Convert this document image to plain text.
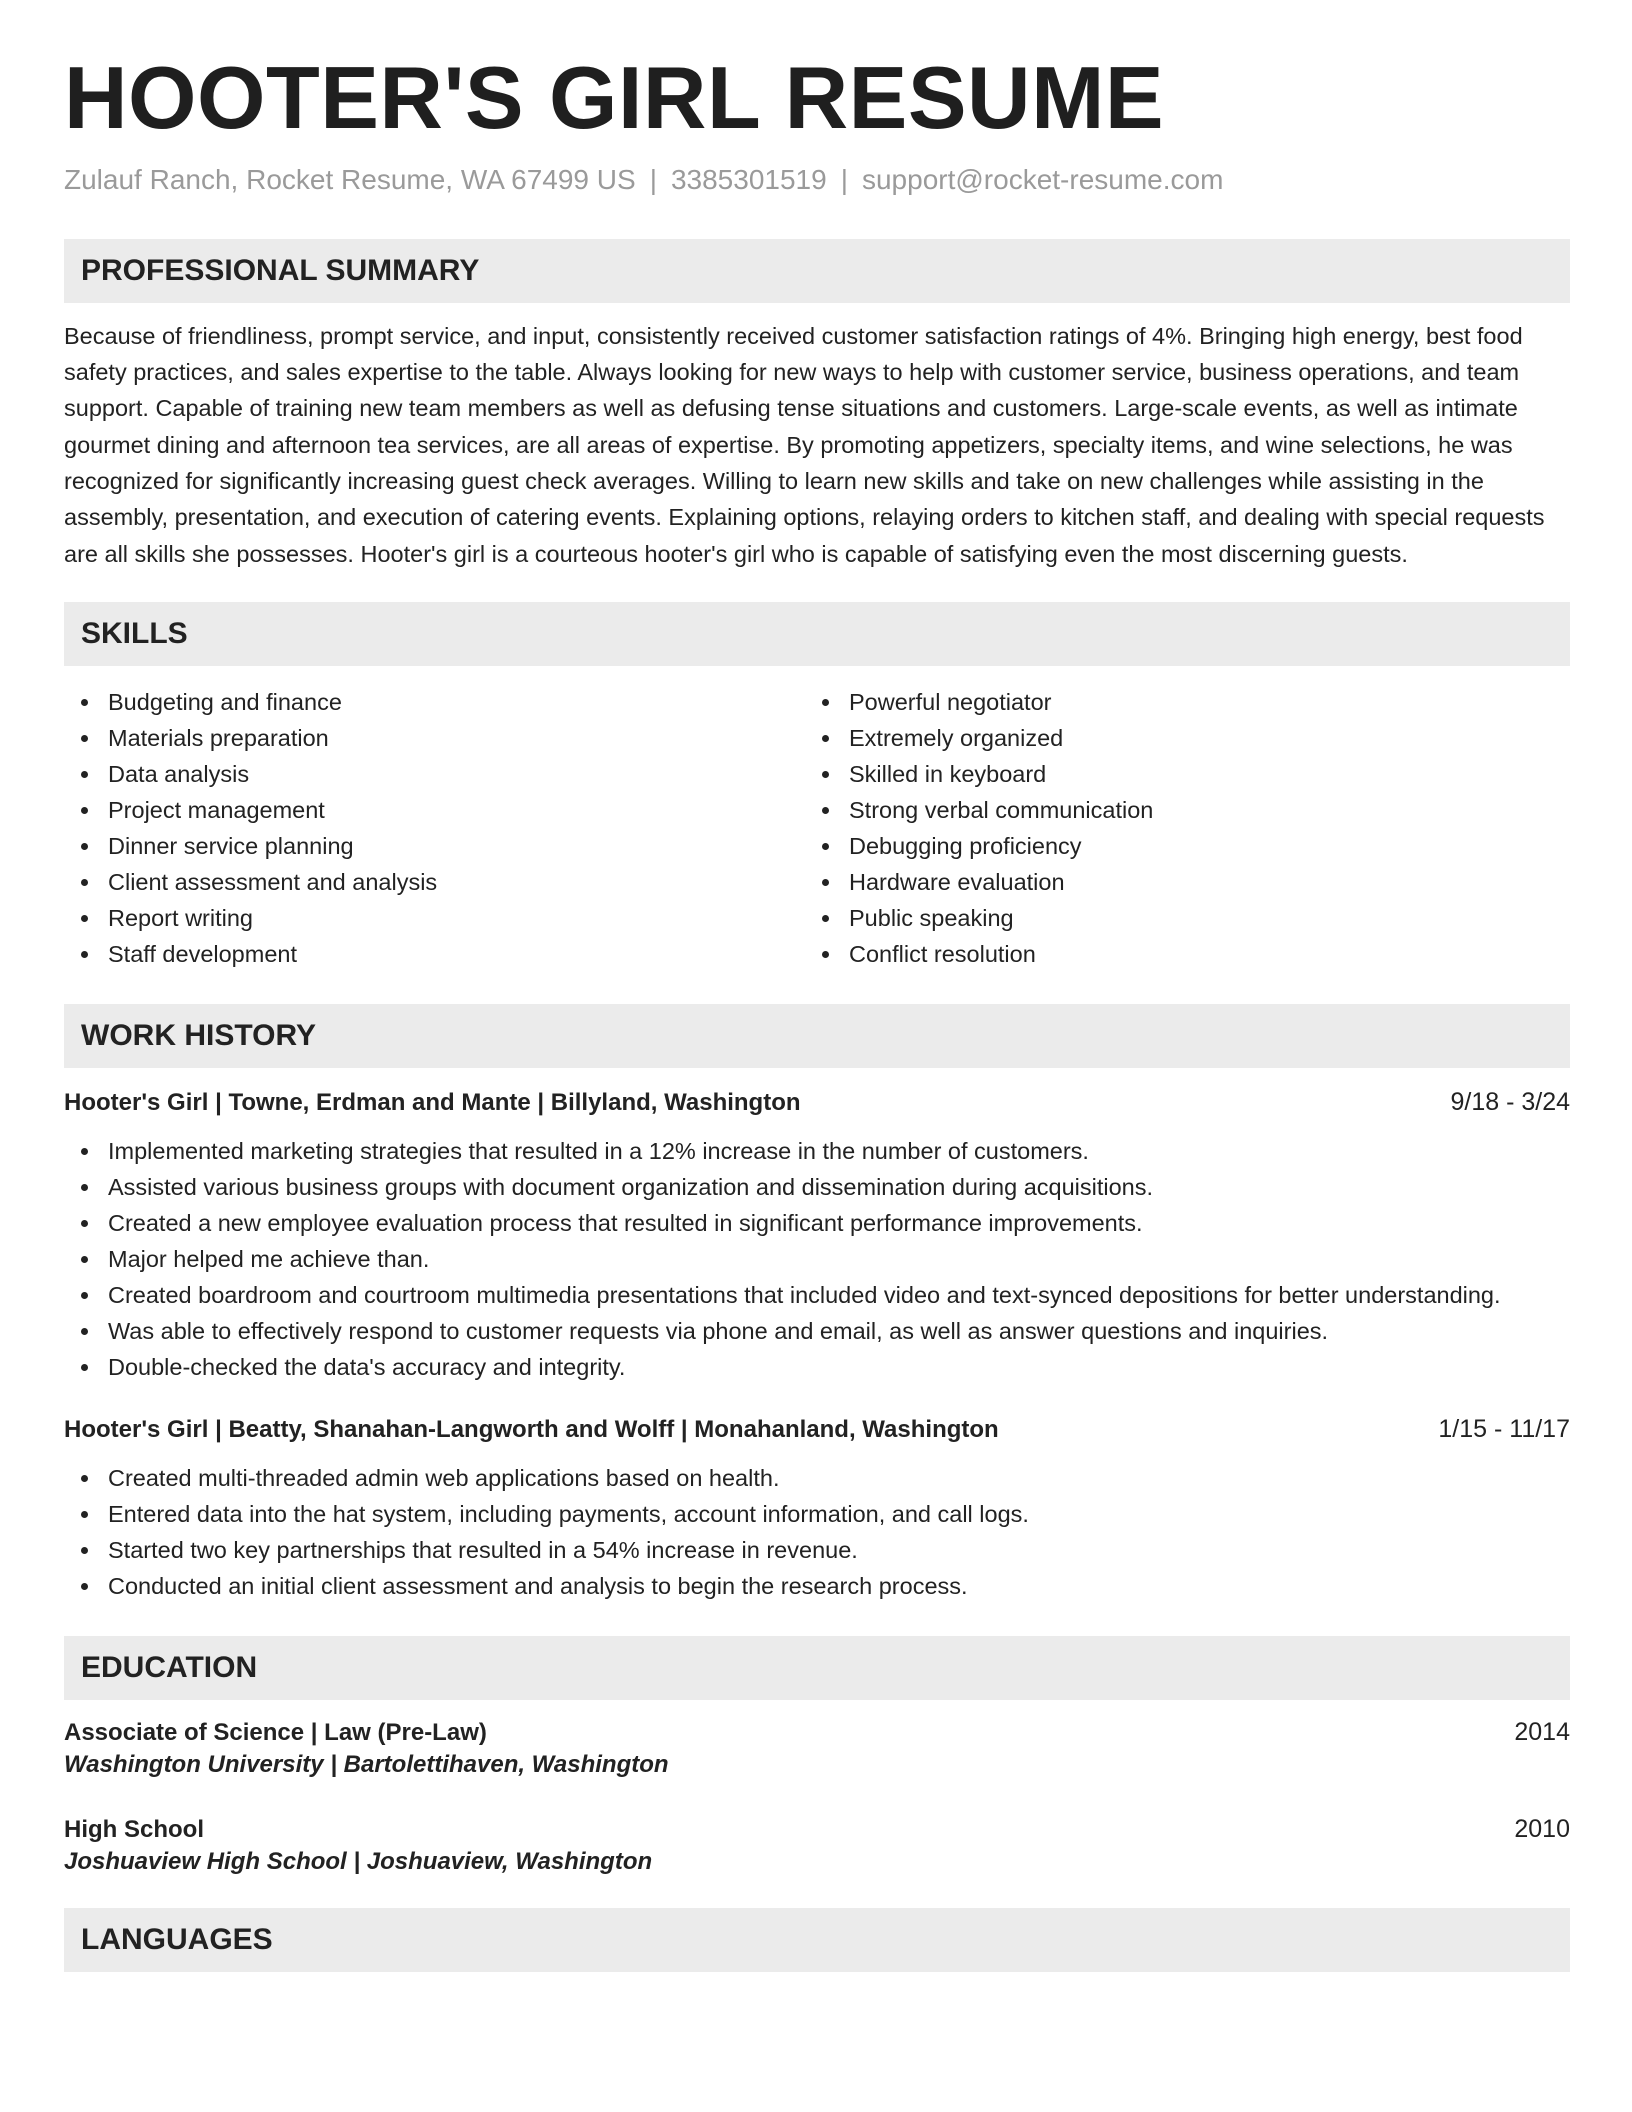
HOOTER'S GIRL RESUME
Zulauf Ranch, Rocket Resume, WA 67499 US | 3385301519 | support@rocket-resume.com
PROFESSIONAL SUMMARY

Because of friendliness, prompt service, and input, consistently received customer satisfaction ratings of 4%. Bringing high energy, best food safety practices, and sales expertise to the table. Always looking for new ways to help with customer service, business operations, and team support. Capable of training new team members as well as defusing tense situations and customers. Large-scale events, as well as intimate gourmet dining and afternoon tea services, are all areas of expertise. By promoting appetizers, specialty items, and wine selections, he was recognized for significantly increasing guest check averages. Willing to learn new skills and take on new challenges while assisting in the assembly, presentation, and execution of catering events. Explaining options, relaying orders to kitchen staff, and dealing with special requests are all skills she possesses. Hooter's girl is a courteous hooter's girl who is capable of satisfying even the most discerning guests.

SKILLS
Budgeting and finance
Materials preparation
Data analysis
Project management
Dinner service planning
Client assessment and analysis
Report writing
Staff development
Powerful negotiator
Extremely organized
Skilled in keyboard
Strong verbal communication
Debugging proficiency
Hardware evaluation
Public speaking
Conflict resolution
WORK HISTORY
Hooter's Girl | Towne, Erdman and Mante | Billyland, Washington	9/18 - 3/24
Implemented marketing strategies that resulted in a 12% increase in the number of customers.
Assisted various business groups with document organization and dissemination during acquisitions.
Created a new employee evaluation process that resulted in significant performance improvements.
Major helped me achieve than.
Created boardroom and courtroom multimedia presentations that included video and text-synced depositions for better understanding.
Was able to effectively respond to customer requests via phone and email, as well as answer questions and inquiries.
Double-checked the data's accuracy and integrity.
Hooter's Girl | Beatty, Shanahan-Langworth and Wolff | Monahanland, Washington	1/15 - 11/17
Created multi-threaded admin web applications based on health.
Entered data into the hat system, including payments, account information, and call logs.
Started two key partnerships that resulted in a 54% increase in revenue.
Conducted an initial client assessment and analysis to begin the research process.
EDUCATION
Associate of Science | Law (Pre-Law)	2014
Washington University | Bartolettihaven, Washington
High School	2010
Joshuaview High School | Joshuaview, Washington
LANGUAGES
